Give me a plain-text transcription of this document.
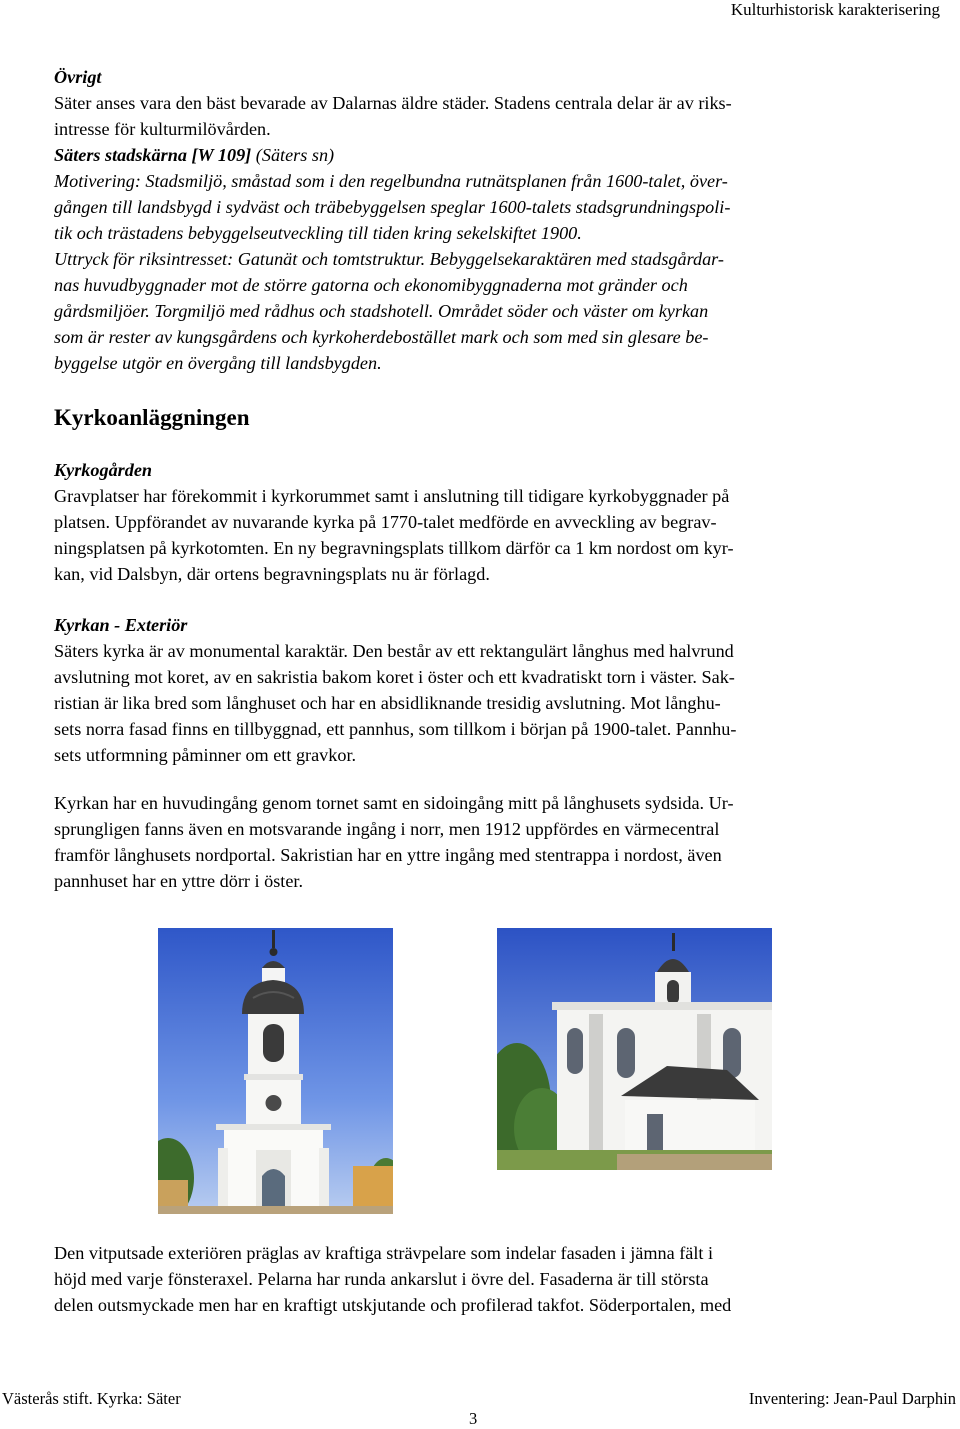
Kulturhistorisk karakterisering

Övrigt

Säter anses vara den bäst bevarade av Dalarnas äldre städer. Stadens centrala delar är av riks-

intresse för kulturmilövården.

Säters stadskärna [W 109] (Säters sn)

Motivering: Stadsmiljö, småstad som i den regelbundna rutnätsplanen från 1600-talet, över-

gången till landsbygd i sydväst och träbebyggelsen speglar 1600-talets stadsgrundningspoli-

tik och trästadens bebyggelseutveckling till tiden kring sekelskiftet 1900.

Uttryck för riksintresset: Gatunät och tomtstruktur. Bebyggelsekaraktären med stadsgårdar-

nas huvudbyggnader mot de större gatorna och ekonomibyggnaderna mot gränder och

gårdsmiljöer. Torgmiljö med rådhus och stadshotell. Området söder och väster om kyrkan

som är rester av kungsgårdens och kyrkoherdebostället mark och som med sin glesare be-

byggelse utgör en övergång till landsbygden.

Kyrkoanläggningen

Kyrkogården

Gravplatser har förekommit i kyrkorummet samt i anslutning till tidigare kyrkobyggnader på

platsen. Uppförandet av nuvarande kyrka på 1770-talet medförde en avveckling av begrav-

ningsplatsen på kyrkotomten. En ny begravningsplats tillkom därför ca 1 km nordost om kyr-

kan, vid Dalsbyn, där ortens begravningsplats nu är förlagd.

Kyrkan - Exteriör

Säters kyrka är av monumental karaktär. Den består av ett rektangulärt långhus med halvrund

avslutning mot koret, av en sakristia bakom koret i öster och ett kvadratiskt torn i väster. Sak-

ristian är lika bred som långhuset och har en absidliknande tresidig avslutning. Mot långhu-

sets norra fasad finns en tillbyggnad, ett pannhus, som tillkom i början på 1900-talet. Pannhu-

sets utformning påminner om ett gravkor.

Kyrkan har en huvudingång genom tornet samt en sidoingång mitt på långhusets sydsida. Ur-

sprungligen fanns även en motsvarande ingång i norr, men 1912 uppfördes en värmecentral

framför långhusets nordportal. Sakristian har en yttre ingång med stentrappa i nordost, även

pannhuset har en yttre dörr i öster.

Den vitputsade exteriören präglas av kraftiga strävpelare som indelar fasaden i jämna fält i

höjd med varje fönsteraxel. Pelarna har runda ankarslut i övre del. Fasaderna är till största

delen outsmyckade men har en kraftigt utskjutande och profilerad takfot. Söderportalen, med

Västerås stift. Kyrka: Säter	Inventering: Jean-Paul Darphin
3
